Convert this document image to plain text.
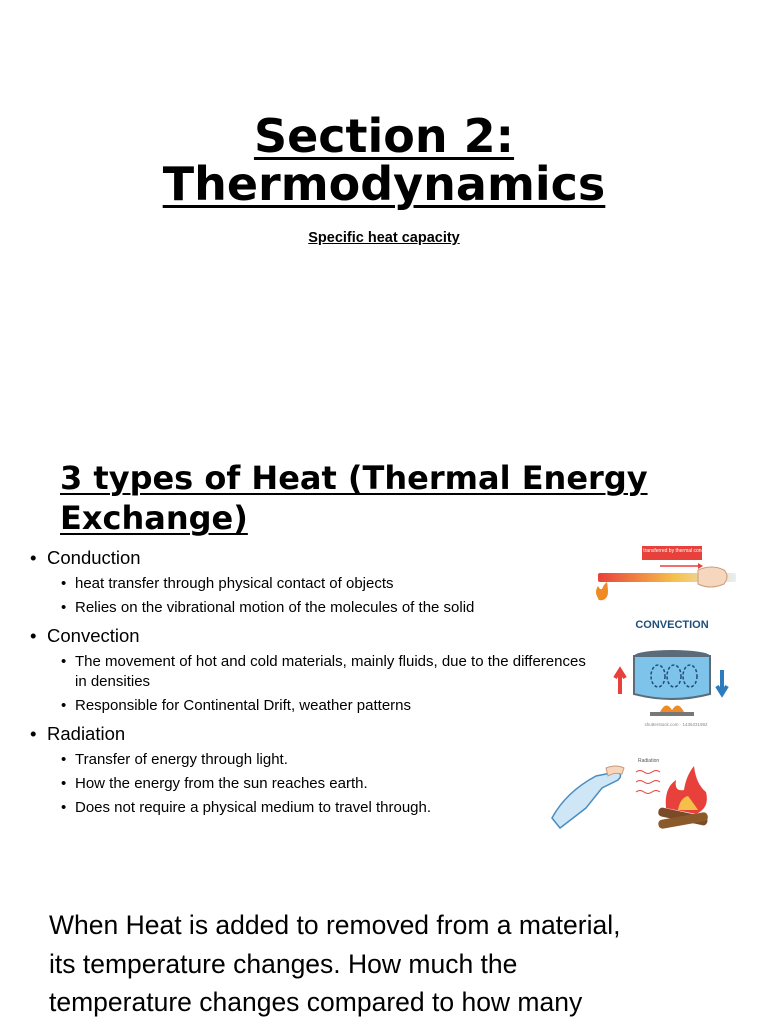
Section 2:
Thermodynamics
Specific heat capacity
3 types of Heat (Thermal Energy
Exchange)

• Conduction

• heat transfer through physical contact of objects

• Relies on the vibrational motion of the molecules of the solid

• Convection

• The movement of hot and cold materials, mainly fluids, due to the differences in densities

• Responsible for Continental Drift, weather patterns

• Radiation

• Transfer of energy through light.

• How the energy from the sun reaches earth.

• Does not require a physical medium to travel through.

Heat is transferred by thermal conduction
CONVECTION
shutterstock.com · 1436331992
Radiation
When Heat is added to removed from a material,
its temperature changes. How much the
temperature changes compared to how many
